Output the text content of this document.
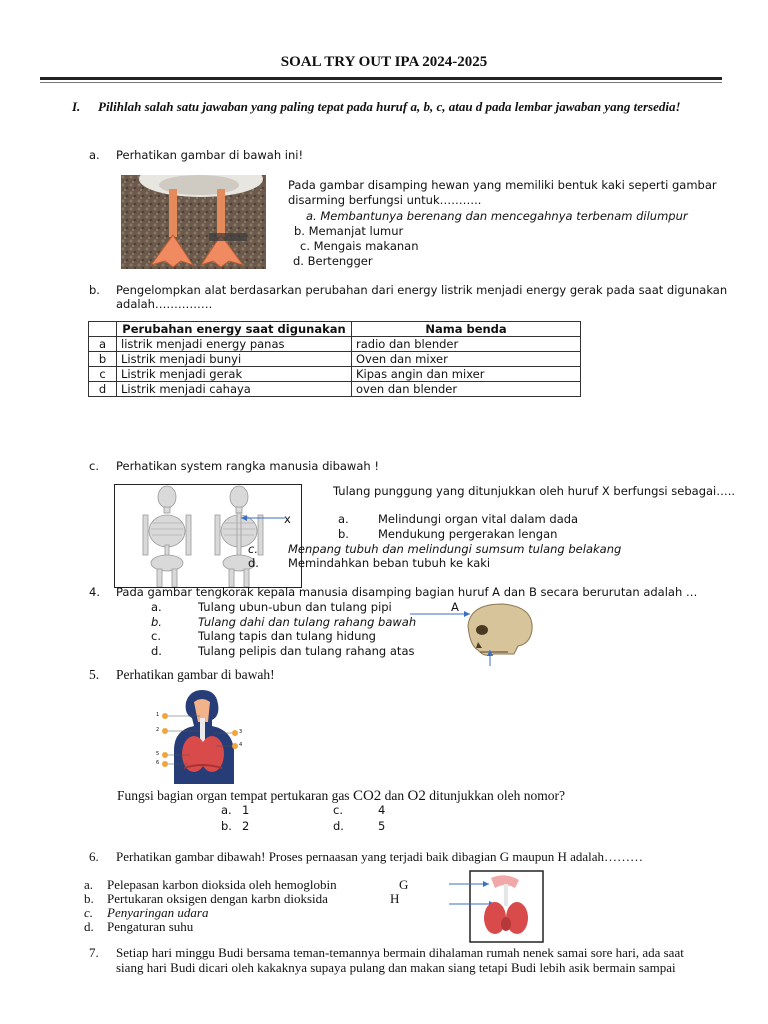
SOAL TRY OUT IPA 2024-2025
I. Pilihlah salah satu jawaban yang paling tepat pada huruf a, b, c, atau d pada lembar jawaban yang tersedia!
a. Perhatikan gambar di bawah ini!
Pada gambar disamping hewan yang memiliki bentuk kaki seperti gambar
disarming berfungsi untuk………..
a. Membantunya berenang dan mencegahnya terbenam dilumpur
b. Memanjat lumur
c. Mengais makanan
d. Bertengger
b. Pengelompkan alat berdasarkan perubahan dari energy listrik menjadi energy gerak pada saat digunakan
adalah……………
	Perubahan energy saat digunakan	Nama benda
a	listrik menjadi energy panas	radio dan blender
b	Listrik menjadi bunyi	Oven dan mixer
c	Listrik menjadi gerak	Kipas angin dan mixer
d	Listrik menjadi cahaya	oven dan blender
c. Perhatikan system rangka manusia dibawah !
x
Tulang punggung yang ditunjukkan oleh huruf X berfungsi sebagai…..
a.	Melindungi organ vital dalam dada
b.	Mendukung pergerakan lengan
c.	Menpang tubuh dan melindungi sumsum tulang belakang
d.	Memindahkan beban tubuh ke kaki
4. Pada gambar tengkorak kepala manusia disamping bagian huruf A dan B secara berurutan adalah …
a.	Tulang ubun-ubun dan tulang pipi
b.	Tulang dahi dan tulang rahang bawah
c.	Tulang tapis dan tulang hidung
d.	Tulang pelipis dan tulang rahang atas
A
5. Perhatikan gambar di bawah!
1
2	3
4
5
6
Fungsi bagian organ tempat pertukaran gas CO2 dan O2 ditunjukkan oleh nomor?
a. 1	c.	4
b. 2	d.	5
6. Perhatikan gambar dibawah! Proses pernaasan yang terjadi baik dibagian G maupun H adalah………
a. Pelepasan karbon dioksida oleh hemoglobin
b. Pertukaran oksigen dengan karbn dioksida
c. Penyaringan udara
d. Pengaturan suhu
G
H
7. Setiap hari minggu Budi bersama teman-temannya bermain dihalaman rumah nenek samai sore hari, ada saat
siang hari Budi dicari oleh kakaknya supaya pulang dan makan siang tetapi Budi lebih asik bermain sampai
